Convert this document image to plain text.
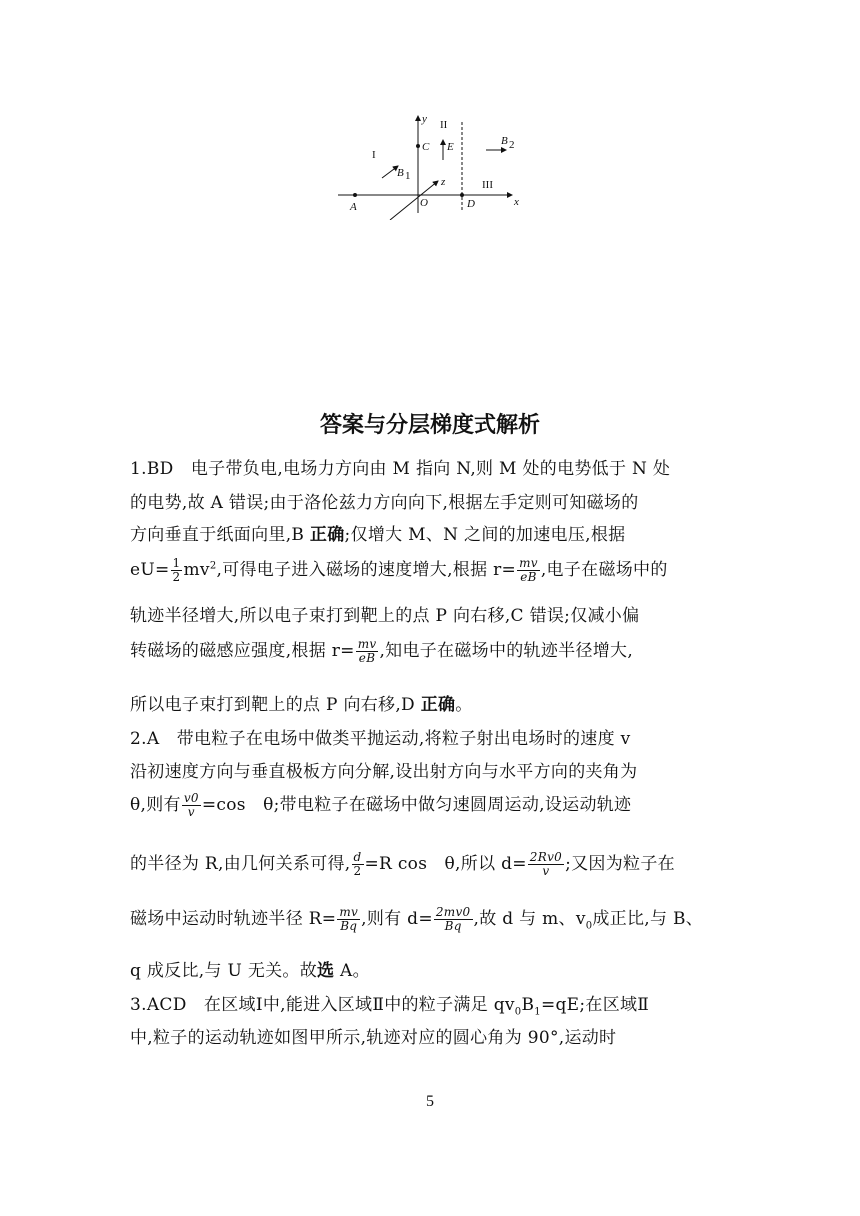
y
x
z
I
II
III
A	O	D
C E
B 1
B 2
答案与分层梯度式解析
1.BD　电子带负电,电场力方向由 M 指向 N,则 M 处的电势低于 N 处
的电势,故 A 错误;由于洛伦兹力方向向下,根据左手定则可知磁场的
方向垂直于纸面向里,B 正确;仅增大 M、N 之间的加速电压,根据
$eU= \frac{1}{2} mv^2$,可得电子进入磁场的速度增大,根据 $r= \frac{mv}{eB}$ ,电子在磁场中的
轨迹半径增大,所以电子束打到靶上的点 P 向右移,C 错误;仅减小偏
转磁场的磁感应强度,根据 $r= \frac{mv}{eB}$ ,知电子在磁场中的轨迹半径增大,
所以电子束打到靶上的点 P 向右移,D 正确。
2.A　带电粒子在电场中做类平抛运动,将粒子射出电场时的速度 v
沿初速度方向与垂直极板方向分解,设出射方向与水平方向的夹角为
θ,则有 $\frac{v0}{v} =\cos$　θ;带电粒子在磁场中做匀速圆周运动,设运动轨迹
的半径为 R,由几何关系可得, $\frac{d}{2} =R$ cos　θ,所以 $d= \frac{2Rv0}{v}$ ;又因为粒子在
磁场中运动时轨迹半径 $R= \frac{mv}{Bq}$ ,则有 $d= \frac{2mv0}{Bq}$ ,故 d 与 m、$v_0$成正比,与 B、
q 成反比,与 U 无关。故选 A。
3.ACD　在区域Ⅰ中,能进入区域Ⅱ中的粒子满足 $qv_0B_1=qE$;在区域Ⅱ
中,粒子的运动轨迹如图甲所示,轨迹对应的圆心角为 90°,运动时
5
